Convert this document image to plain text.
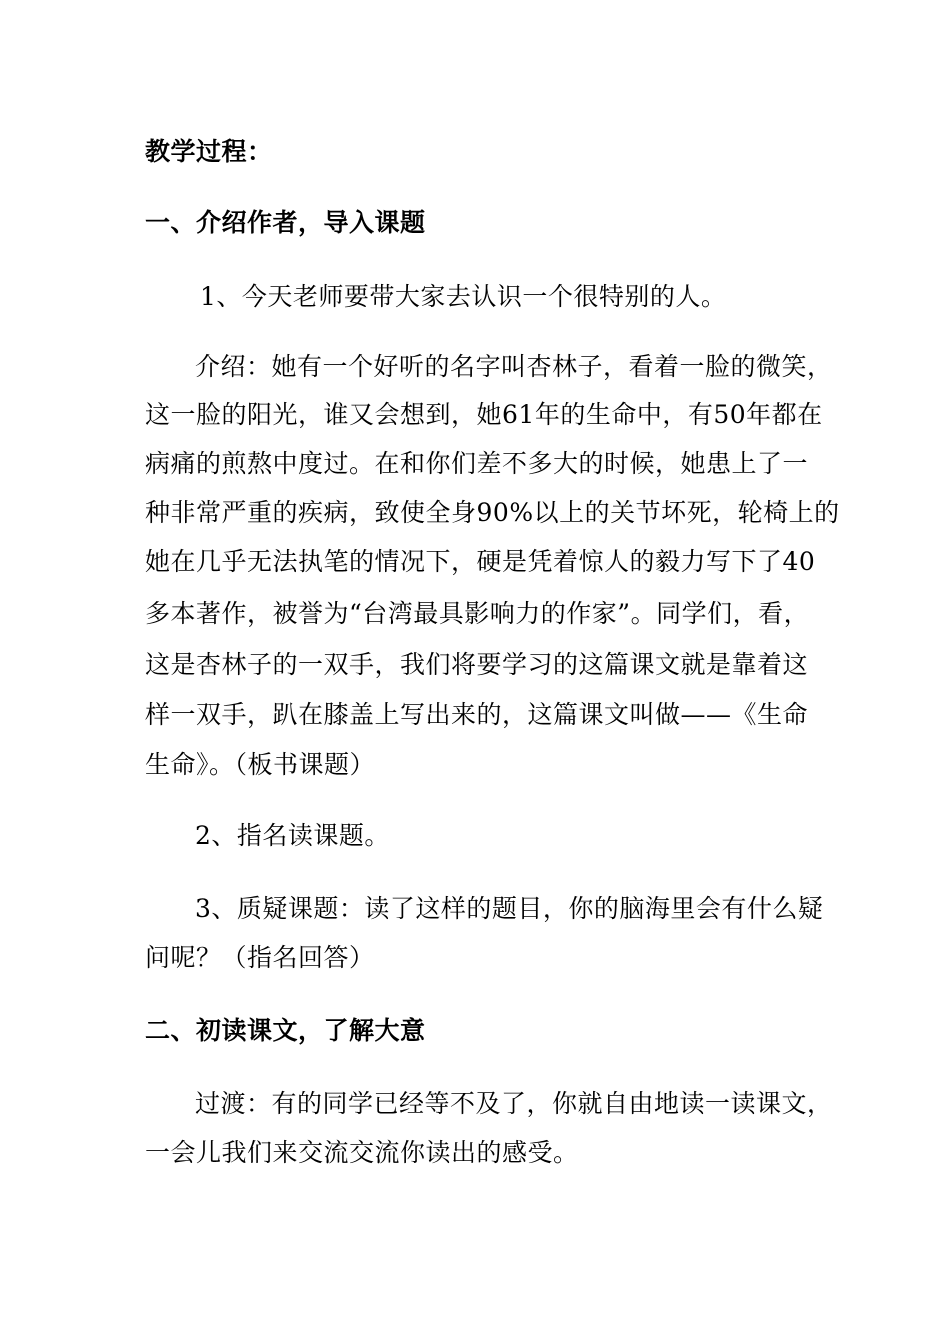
教学过程：
一、介绍作者，导入课题
1、今天老师要带大家去认识一个很特别的人。
介绍：她有一个好听的名字叫杏林子，看着一脸的微笑，
这一脸的阳光，谁又会想到，她61年的生命中，有50年都在
病痛的煎熬中度过。在和你们差不多大的时候，她患上了一
种非常严重的疾病，致使全身90%以上的关节坏死，轮椅上的
她在几乎无法执笔的情况下，硬是凭着惊人的毅力写下了40
多本著作，被誉为“台湾最具影响力的作家”。同学们，看，
这是杏林子的一双手，我们将要学习的这篇课文就是靠着这
样一双手，趴在膝盖上写出来的，这篇课文叫做——《生命
生命》。（板书课题）
2、指名读课题。
3、质疑课题：读了这样的题目，你的脑海里会有什么疑
问呢？（指名回答）
二、初读课文，了解大意
过渡：有的同学已经等不及了，你就自由地读一读课文，
一会儿我们来交流交流你读出的感受。
